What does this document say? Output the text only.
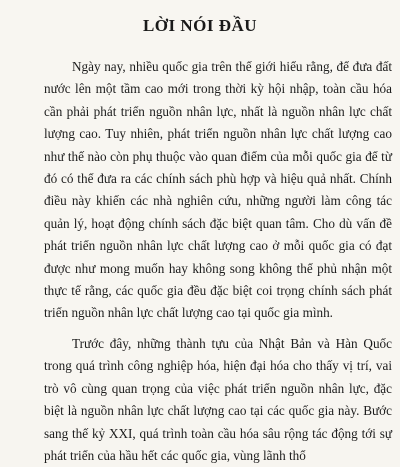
LỜI NÓI ĐẦU

Ngày nay, nhiều quốc gia trên thế giới hiểu rằng, để đưa đất nước lên một tầm cao mới trong thời kỳ hội nhập, toàn cầu hóa cần phải phát triển nguồn nhân lực, nhất là nguồn nhân lực chất lượng cao. Tuy nhiên, phát triển nguồn nhân lực chất lượng cao như thế nào còn phụ thuộc vào quan điểm của mỗi quốc gia để từ đó có thể đưa ra các chính sách phù hợp và hiệu quả nhất. Chính điều này khiến các nhà nghiên cứu, những người làm công tác quản lý, hoạt động chính sách đặc biệt quan tâm. Cho dù vấn đề phát triển nguồn nhân lực chất lượng cao ở mỗi quốc gia có đạt được như mong muốn hay không song không thể phủ nhận một thực tế rằng, các quốc gia đều đặc biệt coi trọng chính sách phát triển nguồn nhân lực chất lượng cao tại quốc gia mình.

Trước đây, những thành tựu của Nhật Bản và Hàn Quốc trong quá trình công nghiệp hóa, hiện đại hóa cho thấy vị trí, vai trò vô cùng quan trọng của việc phát triển nguồn nhân lực, đặc biệt là nguồn nhân lực chất lượng cao tại các quốc gia này. Bước sang thế kỷ XXI, quá trình toàn cầu hóa sâu rộng tác động tới sự phát triển của hầu hết các quốc gia, vùng lãnh thổ
